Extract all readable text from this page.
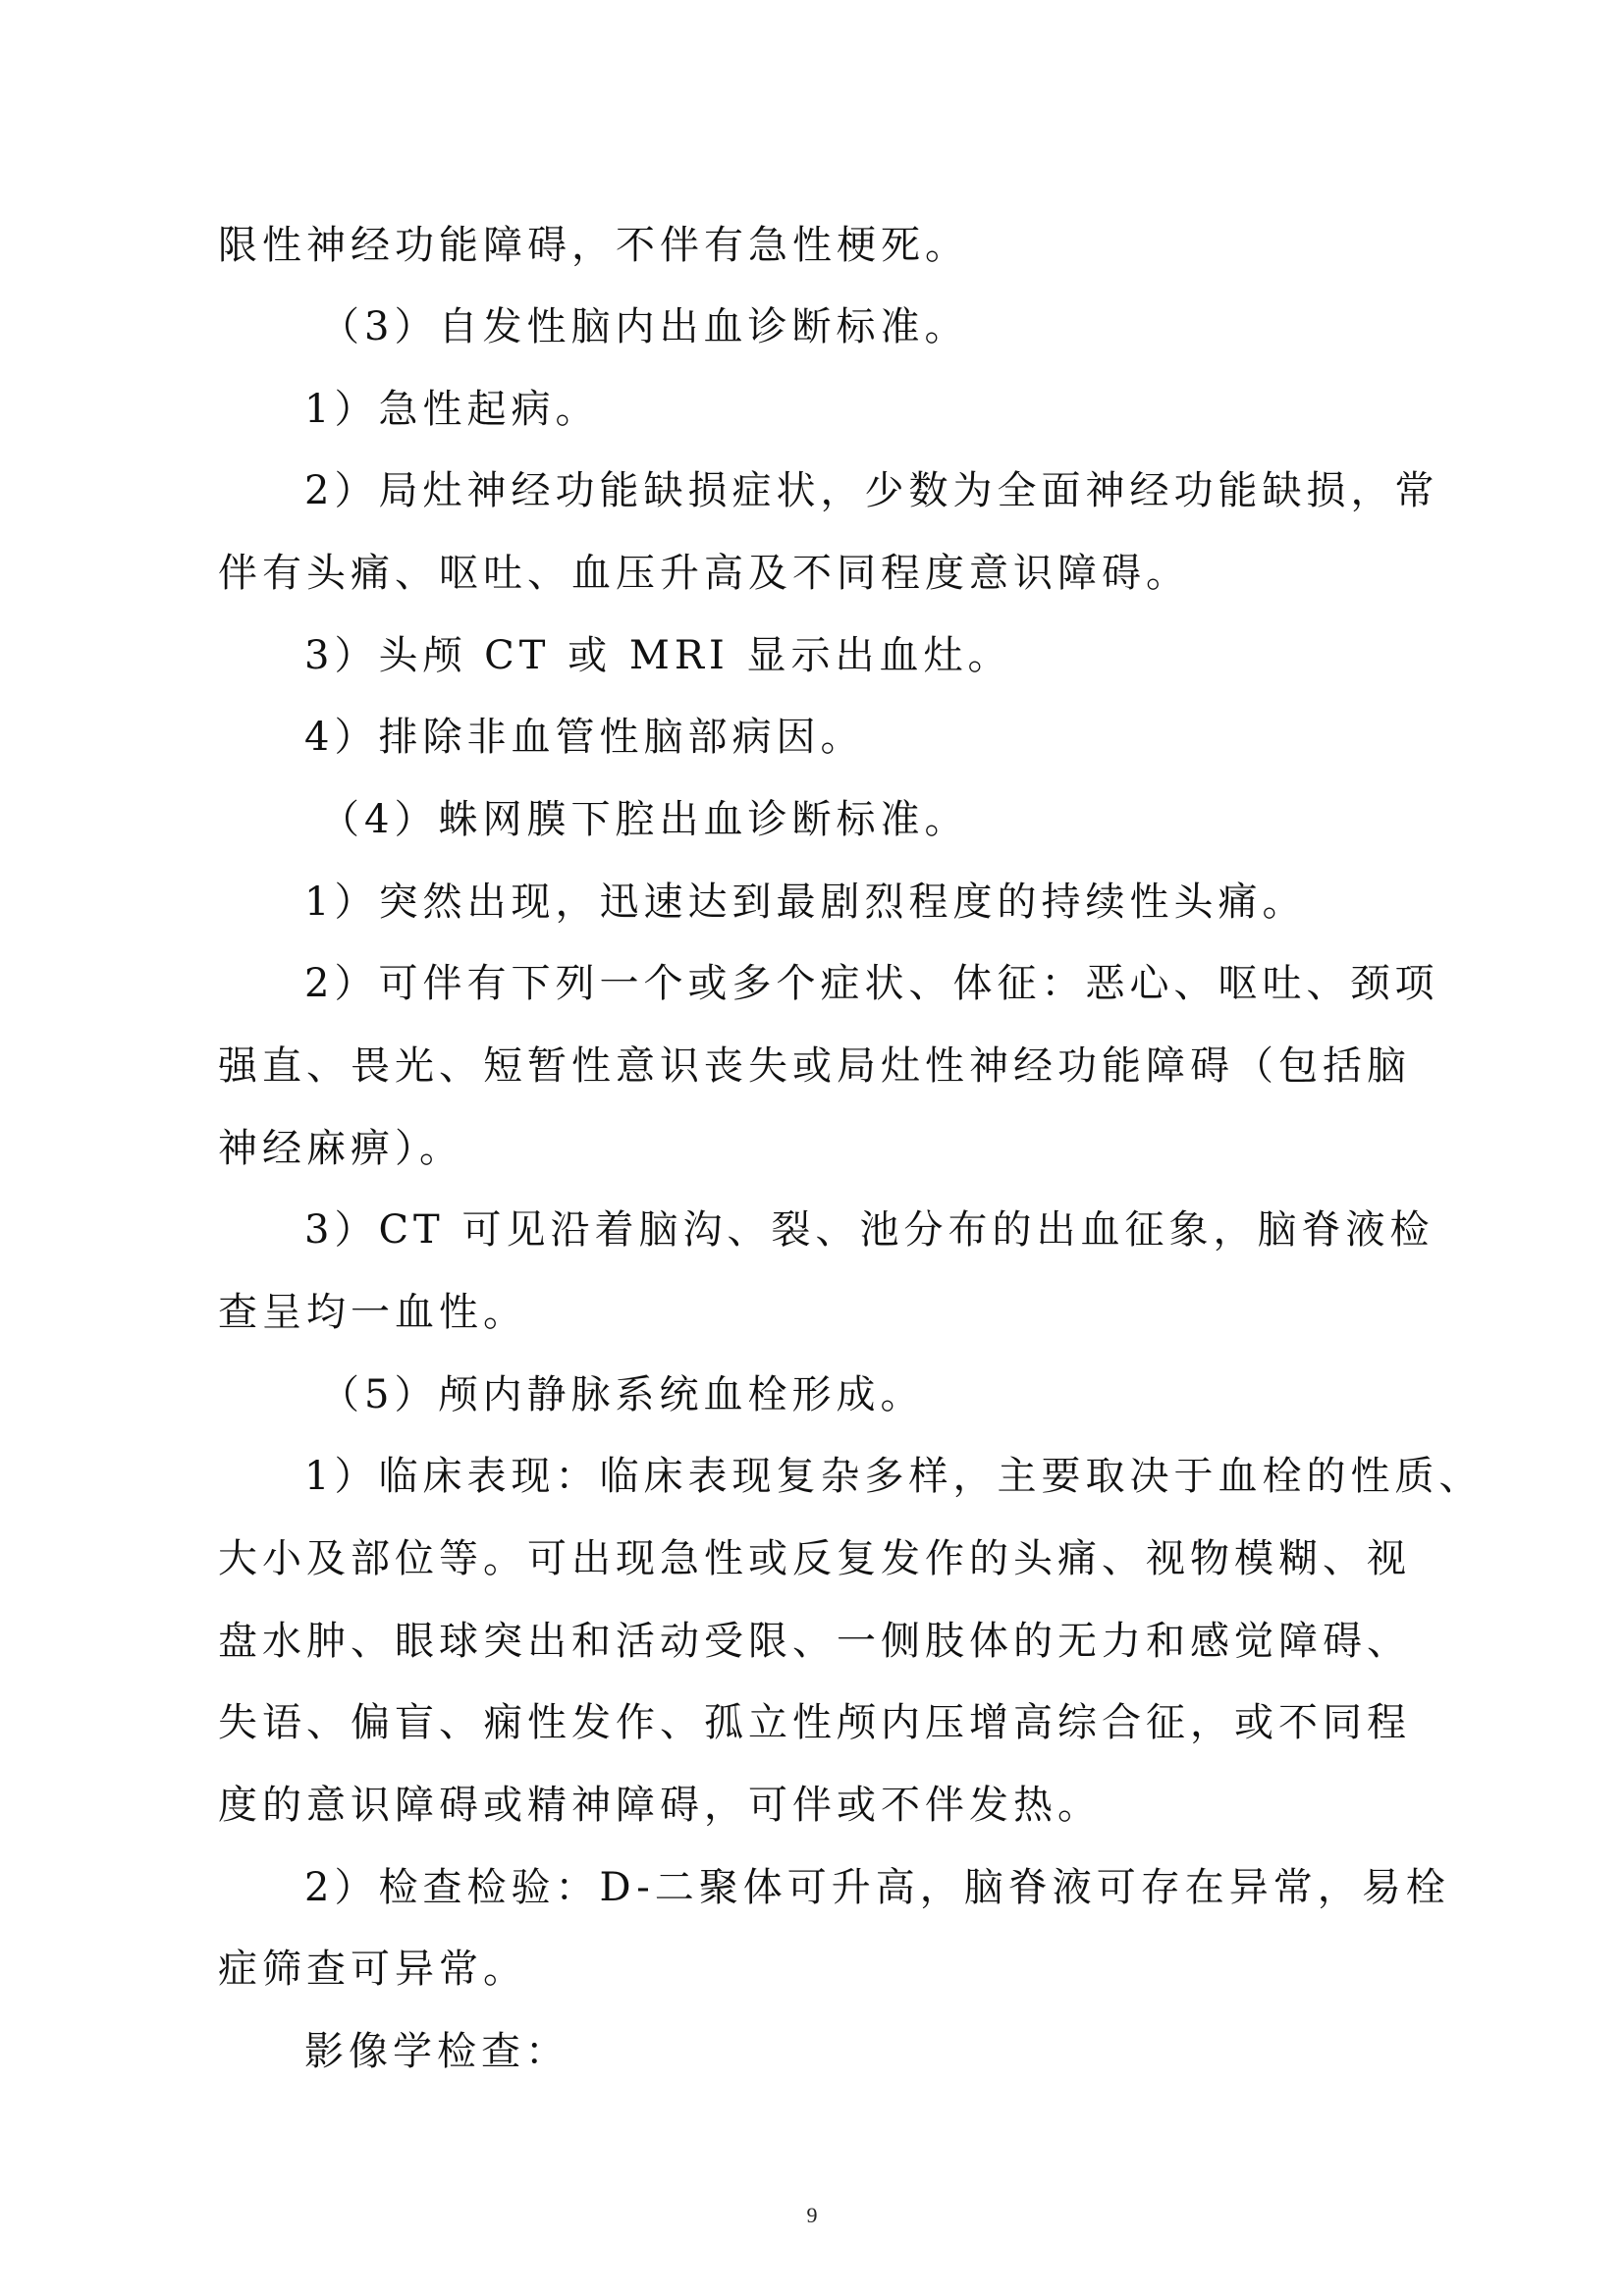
限性神经功能障碍，不伴有急性梗死。
（3）自发性脑内出血诊断标准。
1）急性起病。
2）局灶神经功能缺损症状，少数为全面神经功能缺损，常
伴有头痛、呕吐、血压升高及不同程度意识障碍。
3）头颅 CT 或 MRI 显示出血灶。
4）排除非血管性脑部病因。
（4）蛛网膜下腔出血诊断标准。
1）突然出现，迅速达到最剧烈程度的持续性头痛。
2）可伴有下列一个或多个症状、体征：恶心、呕吐、颈项
强直、畏光、短暂性意识丧失或局灶性神经功能障碍（包括脑
神经麻痹）。
3）CT 可见沿着脑沟、裂、池分布的出血征象，脑脊液检
查呈均一血性。
（5）颅内静脉系统血栓形成。
1）临床表现：临床表现复杂多样，主要取决于血栓的性质、
大小及部位等。可出现急性或反复发作的头痛、视物模糊、视
盘水肿、眼球突出和活动受限、一侧肢体的无力和感觉障碍、
失语、偏盲、痫性发作、孤立性颅内压增高综合征，或不同程
度的意识障碍或精神障碍，可伴或不伴发热。
2）检查检验：D-二聚体可升高，脑脊液可存在异常，易栓
症筛查可异常。
影像学检查：
9
